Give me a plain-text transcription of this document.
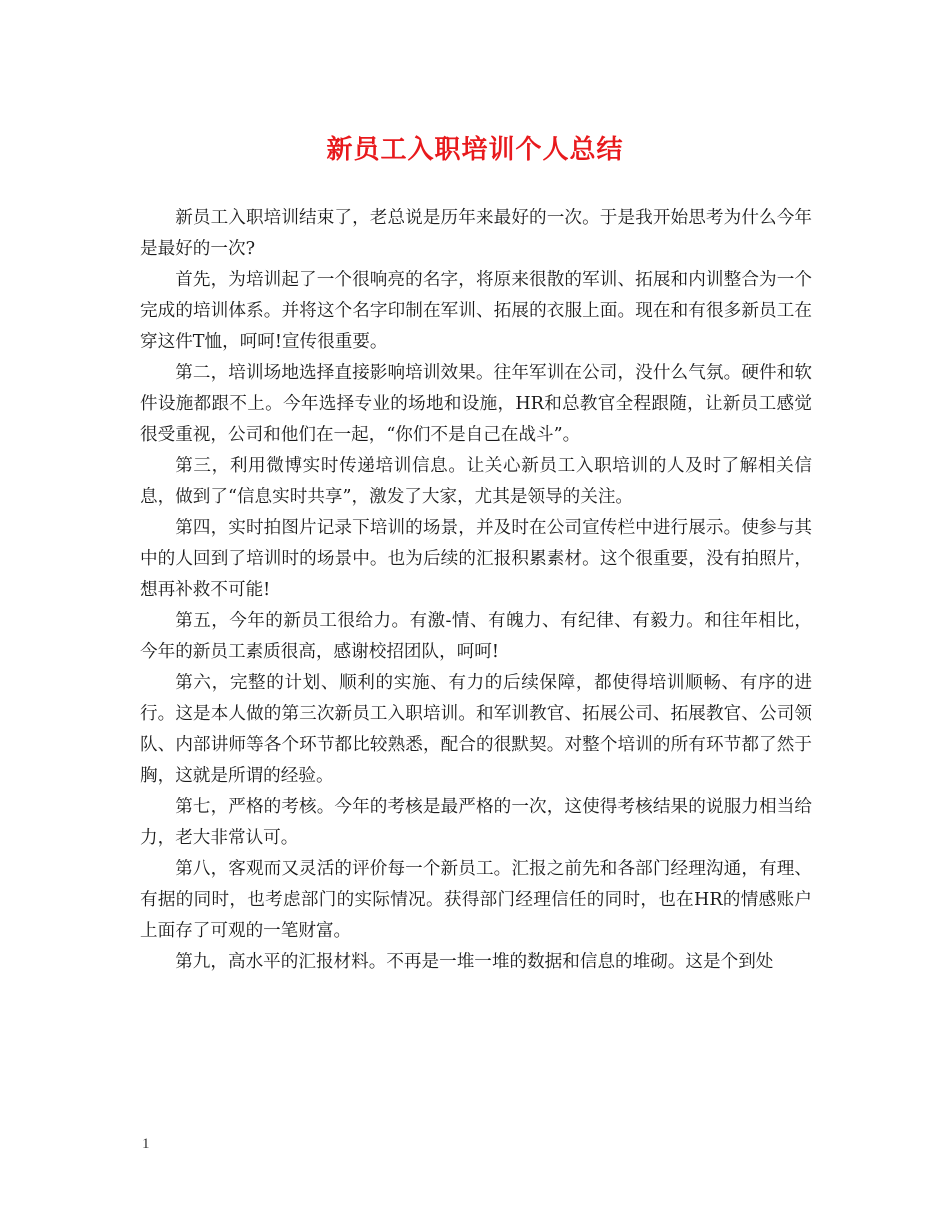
新员工入职培训个人总结

新员工入职培训结束了，老总说是历年来最好的一次。于是我开始思考为什么今年是最好的一次?

首先，为培训起了一个很响亮的名字，将原来很散的军训、拓展和内训整合为一个完成的培训体系。并将这个名字印制在军训、拓展的衣服上面。现在和有很多新员工在穿这件T恤，呵呵!宣传很重要。

第二，培训场地选择直接影响培训效果。往年军训在公司，没什么气氛。硬件和软件设施都跟不上。今年选择专业的场地和设施，HR和总教官全程跟随，让新员工感觉很受重视，公司和他们在一起，“你们不是自己在战斗”。

第三，利用微博实时传递培训信息。让关心新员工入职培训的人及时了解相关信息，做到了“信息实时共享”，激发了大家，尤其是领导的关注。

第四，实时拍图片记录下培训的场景，并及时在公司宣传栏中进行展示。使参与其中的人回到了培训时的场景中。也为后续的汇报积累素材。这个很重要，没有拍照片，想再补救不可能!

第五，今年的新员工很给力。有激-情、有魄力、有纪律、有毅力。和往年相比，今年的新员工素质很高，感谢校招团队，呵呵!

第六，完整的计划、顺利的实施、有力的后续保障，都使得培训顺畅、有序的进行。这是本人做的第三次新员工入职培训。和军训教官、拓展公司、拓展教官、公司领队、内部讲师等各个环节都比较熟悉，配合的很默契。对整个培训的所有环节都了然于胸，这就是所谓的经验。

第七，严格的考核。今年的考核是最严格的一次，这使得考核结果的说服力相当给力，老大非常认可。

第八，客观而又灵活的评价每一个新员工。汇报之前先和各部门经理沟通，有理、有据的同时，也考虑部门的实际情况。获得部门经理信任的同时，也在HR的情感账户上面存了可观的一笔财富。

第九，高水平的汇报材料。不再是一堆一堆的数据和信息的堆砌。这是个到处

1
